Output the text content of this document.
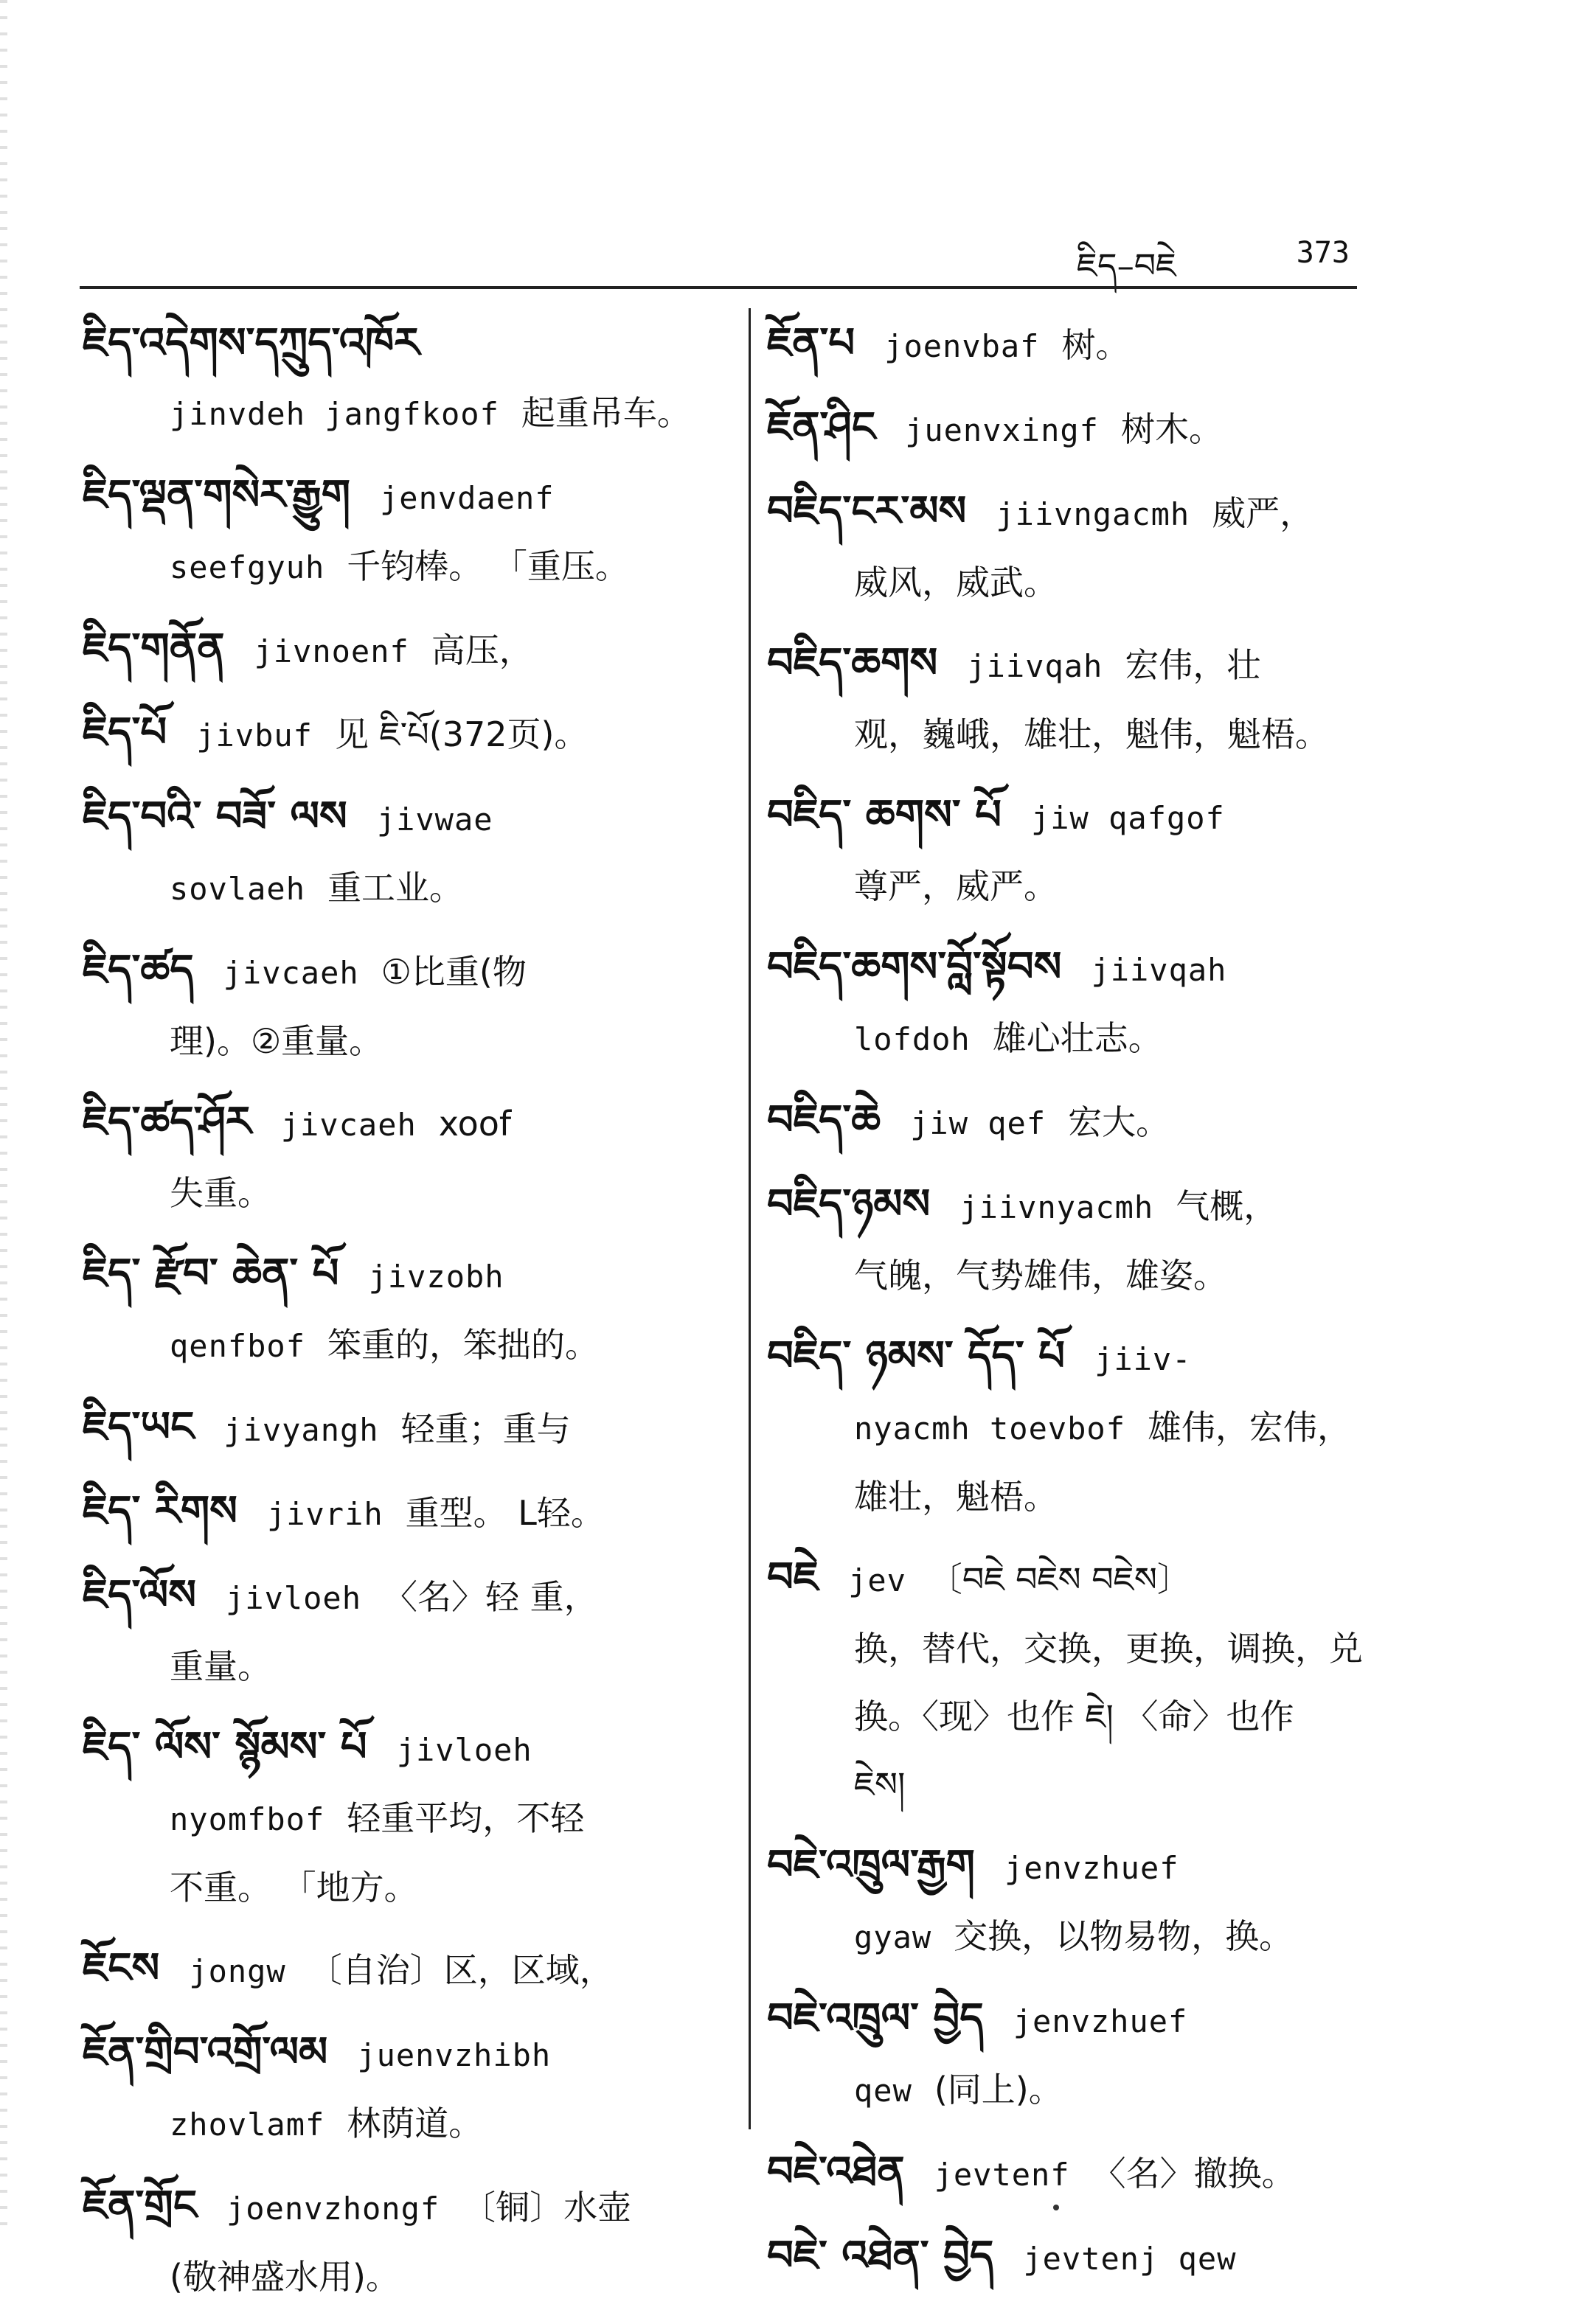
ཇིད–བཇེ	373
ཇིད་འདེགས་དཀྲུད་འཁོར
jinvdeh jangfkoof 起重吊车。
ཇིད་ལྡན་གསེར་རྒྱུག jenvdaenf
seefgyuh 千钧棒。 「重压。
ཇིད་གནོན jivnoenf 高压，
ཇིད་པོ jivbuf 见 ཇི་པོ(372页)。
ཇིད་བའི་ བཟོ་ ལས jivwae
sovlaeh 重工业。
ཇིད་ཚད jivcaeh ①比重(物
理)。②重量。
ཇིད་ཚད་ཤོར jivcaeh xoof
失重。
ཇིད་ རྫོབ་ ཆེན་ པོ jivzobh
qenfbof 笨重的，笨拙的。
ཇིད་ཡང jivyangh 轻重；重与
ཇིད་ རིགས jivrih 重型。 L轻。
ཇིད་ལོས jivloeh 〈名〉轻 重，
重量。
ཇིད་ ལོས་ སྙོམས་ པོ jivloeh
nyomfbof 轻重平均，不轻
不重。 「地方。
ཇོངས jongw 〔自治〕区，区域，
ཇོན་གྲིབ་འགྲོ་ལམ juenvzhibh
zhovlamf 林荫道。
ཇོན་གྲོང joenvzhongf 〔铜〕水壶
(敬神盛水用)。
ཇོན་པ joenvbaf 树。
ཇོན་ཤིང juenvxingf 树木。
བཇིད་ངར་མས jiivngacmh 威严，
威风，威武。
བཇིད་ཆགས jiivqah 宏伟，壮
观，巍峨，雄壮，魁伟，魁梧。
བཇིད་ ཆགས་ པོ jiw qafgof
尊严，威严。
བཇིད་ཆགས་བློ་སྟོབས jiivqah
lofdoh 雄心壮志。
བཇིད་ཆེ jiw qef 宏大。
བཇིད་ཉམས jiivnyacmh 气概，
气魄，气势雄伟，雄姿。
བཇིད་ ཉམས་ དོད་ པོ jiiv-
nyacmh toevbof 雄伟，宏伟，
雄壮，魁梧。
བཇེ jev 〔བཇེ བཇེས བཇེས〕
换，替代，交换，更换，调换，兑
换。〈现〉也作 ཇེ། 〈命〉也作
ཇེས།
བཇེ་འཁྲུལ་རྒྱག jenvzhuef
gyaw 交换，以物易物，换。
བཇེ་འཁྲུལ་ བྱེད jenvzhuef
qew (同上)。
བཇེ་འཐེན jevtenf 〈名〉撤换。
བཇེ་ འཐེན་ བྱེད jevtenj qew
